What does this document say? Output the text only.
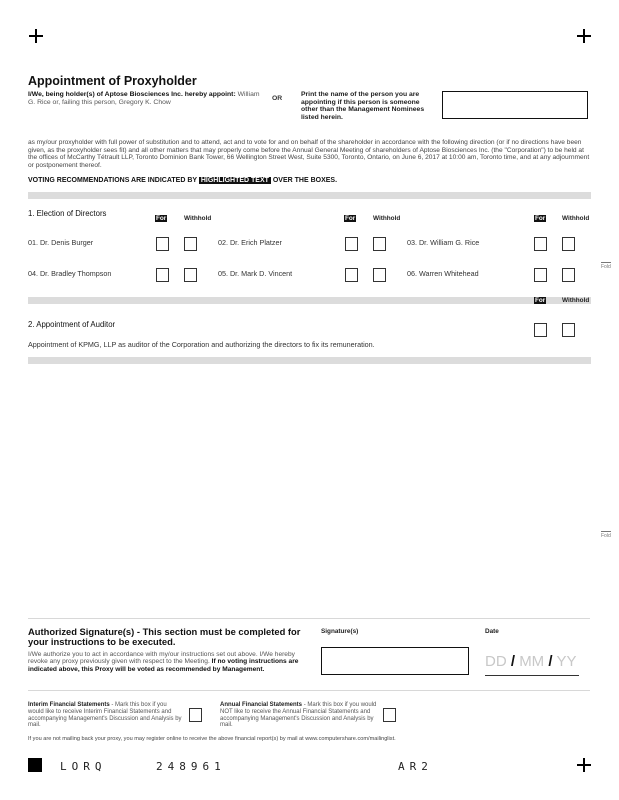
Appointment of Proxyholder
I/We, being holder(s) of Aptose Biosciences Inc. hereby appoint: William G. Rice or, failing this person, Gregory K. Chow
OR
Print the name of the person you are appointing if this person is someone other than the Management Nominees listed herein.
as my/our proxyholder with full power of substitution and to attend, act and to vote for and on behalf of the shareholder in accordance with the following direction (or if no directions have been given, as the proxyholder sees fit) and all other matters that may properly come before the Annual General Meeting of shareholders of Aptose Biosciences Inc. (the "Corporation") to be held at the offices of McCarthy Tétrault LLP, Toronto Dominion Bank Tower, 66 Wellington Street West, Suite 5300, Toronto, Ontario, on June 6, 2017 at 10:00 am, Toronto time, and at any adjournment or postponement thereof.
VOTING RECOMMENDATIONS ARE INDICATED BY HIGHLIGHTED TEXT OVER THE BOXES.
1. Election of Directors
For	Withhold	For	Withhold	For	Withhold
01. Dr. Denis Burger	02. Dr. Erich Platzer	03. Dr. William G. Rice
04. Dr. Bradley Thompson	05. Dr. Mark D. Vincent	06. Warren Whitehead
Fold
For	Withhold
2. Appointment of Auditor
Appointment of KPMG, LLP as auditor of the Corporation and authorizing the directors to fix its remuneration.
Fold
Authorized Signature(s) - This section must be completed for your instructions to be executed.
I/We authorize you to act in accordance with my/our instructions set out above. I/We hereby revoke any proxy previously given with respect to the Meeting. If no voting instructions are indicated above, this Proxy will be voted as recommended by Management.
Signature(s)	Date
DD / MM / YY
Interim Financial Statements - Mark this box if you would like to receive Interim Financial Statements and accompanying Management's Discussion and Analysis by mail.
Annual Financial Statements - Mark this box if you would NOT like to receive the Annual Financial Statements and accompanying Management's Discussion and Analysis by mail.
If you are not mailing back your proxy, you may register online to receive the above financial report(s) by mail at www.computershare.com/mailinglist.
LORQ	248961	AR2
